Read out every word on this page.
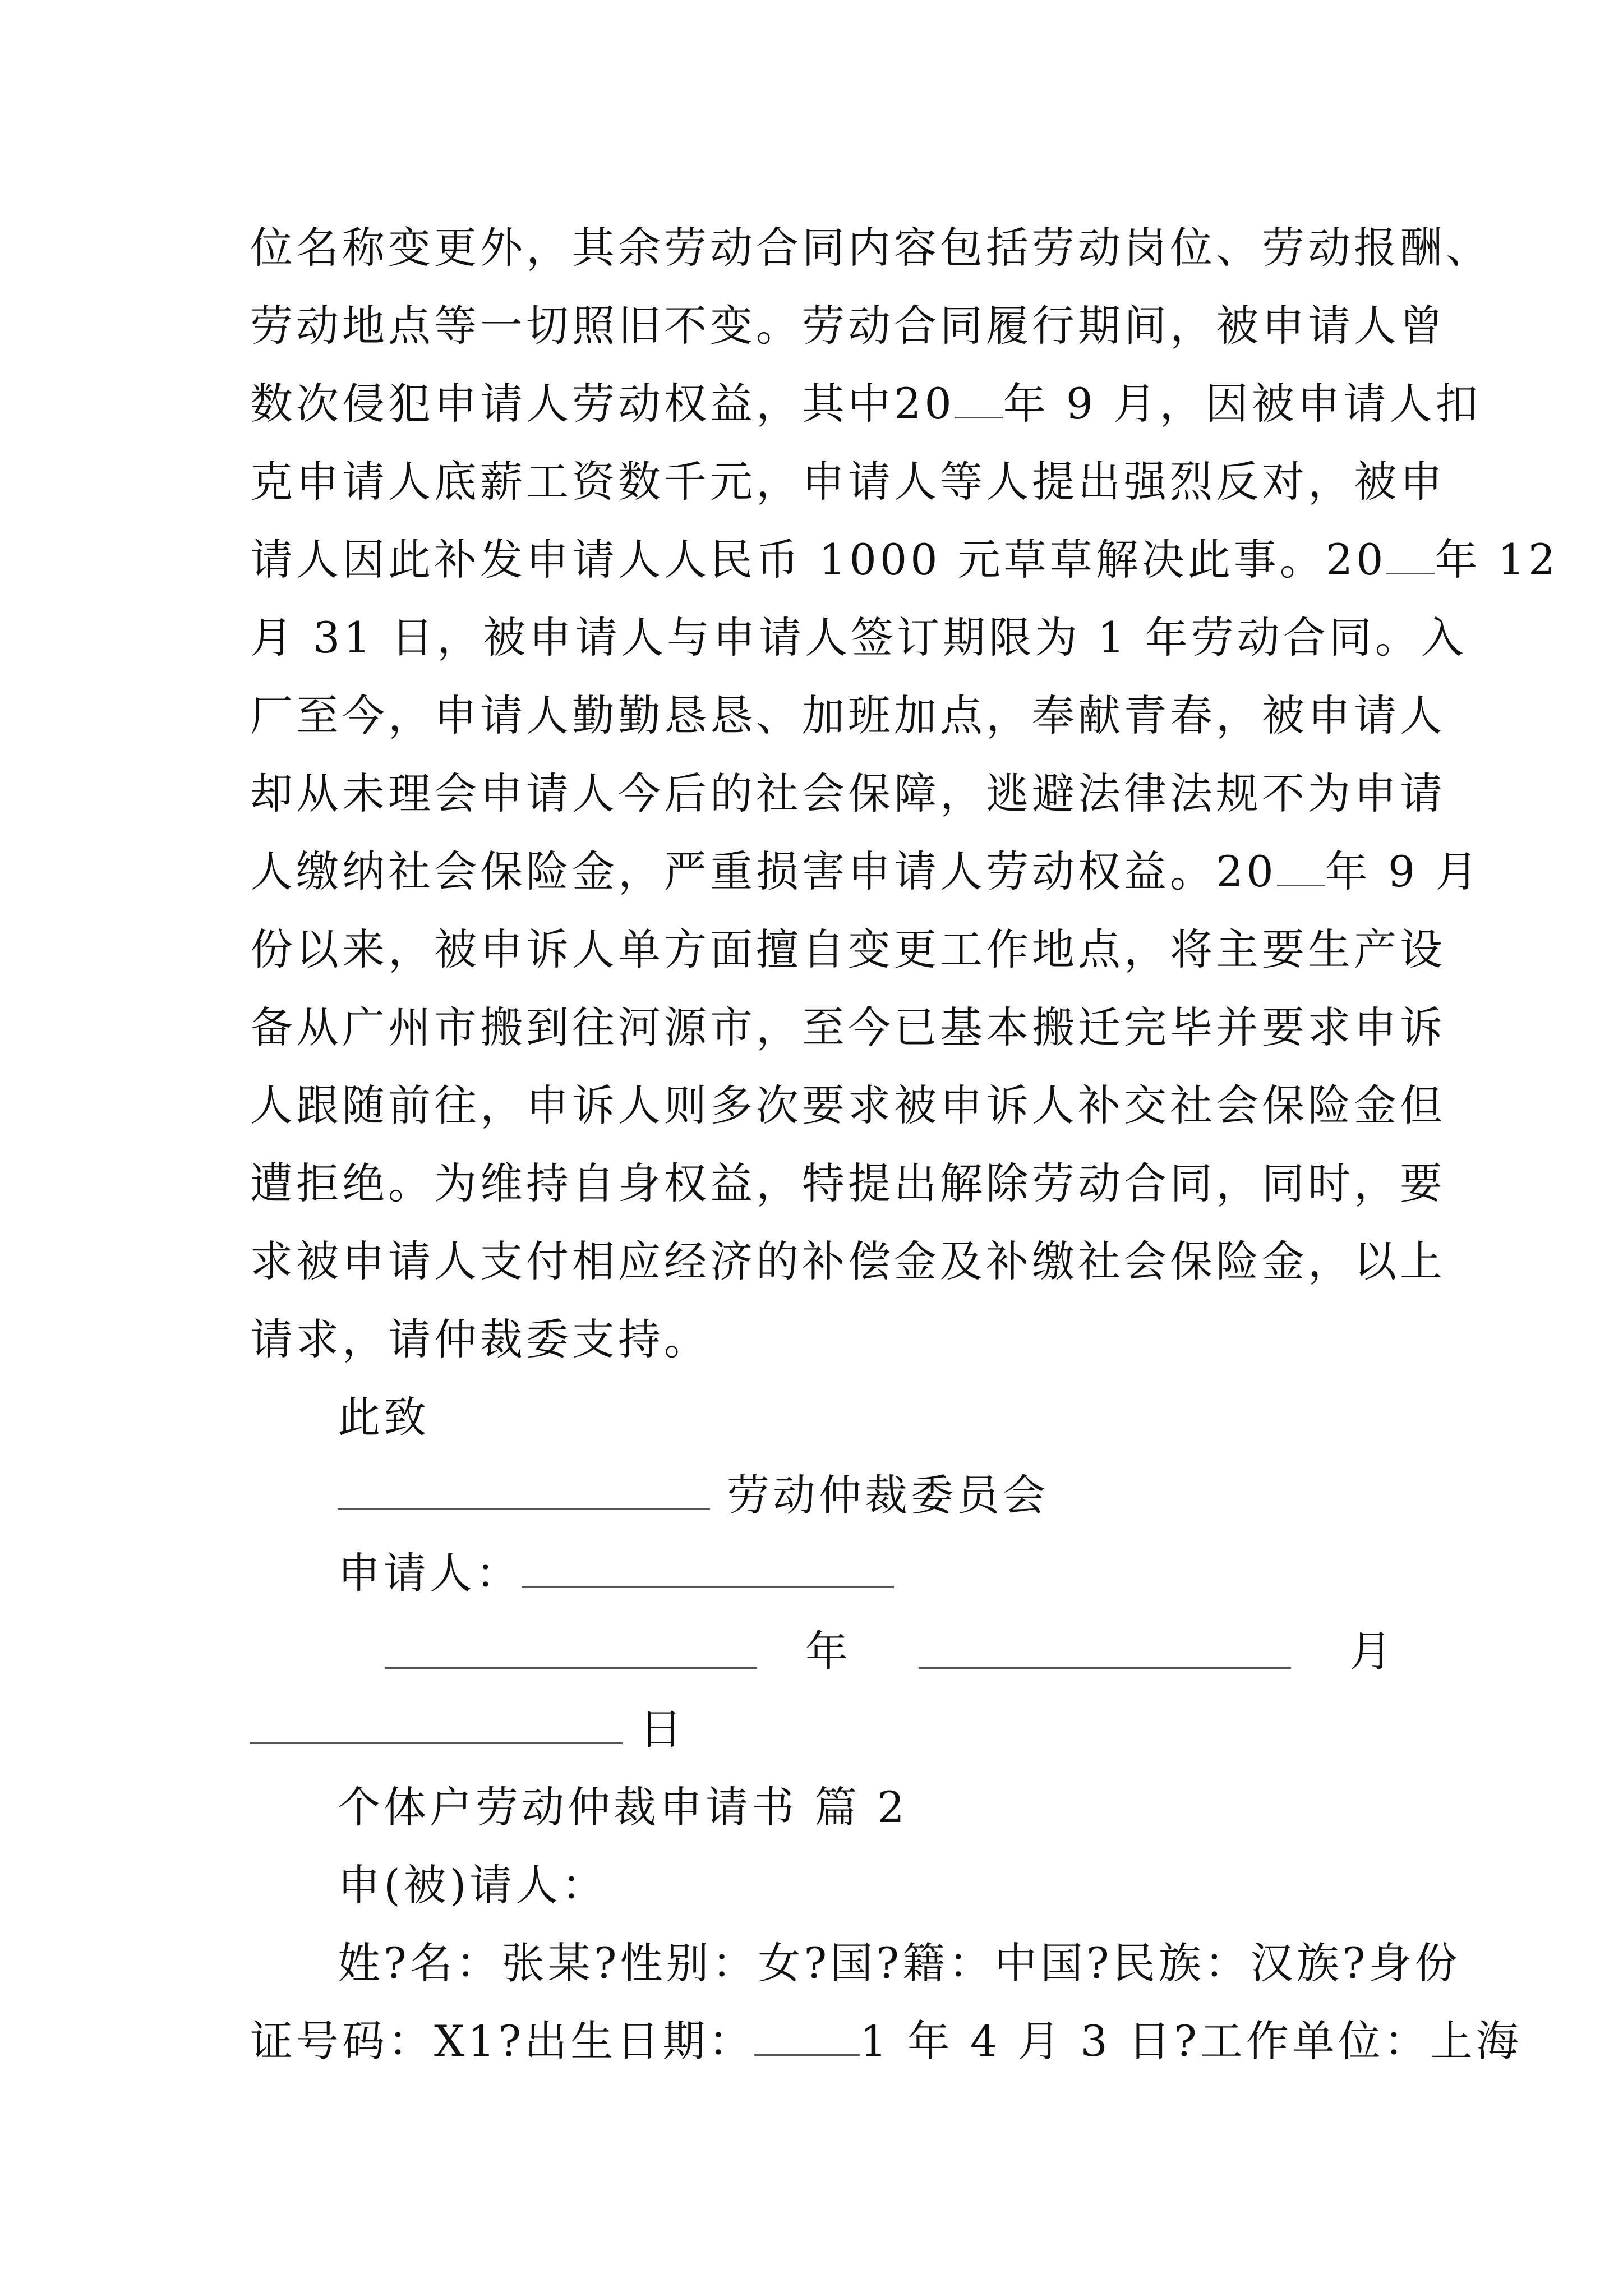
位名称变更外，其余劳动合同内容包括劳动岗位、劳动报酬、
劳动地点等一切照旧不变。劳动合同履行期间，被申请人曾
数次侵犯申请人劳动权益，其中20 年 9 月，因被申请人扣
克申请人底薪工资数千元，申请人等人提出强烈反对，被申
请人因此补发申请人人民币 1000 元草草解决此事。20 年 12
月 31 日，被申请人与申请人签订期限为 1 年劳动合同。入
厂至今，申请人勤勤恳恳、加班加点，奉献青春，被申请人
却从未理会申请人今后的社会保障，逃避法律法规不为申请
人缴纳社会保险金，严重损害申请人劳动权益。20 年 9 月
份以来，被申诉人单方面擅自变更工作地点，将主要生产设
备从广州市搬到往河源市，至今已基本搬迁完毕并要求申诉
人跟随前往，申诉人则多次要求被申诉人补交社会保险金但
遭拒绝。为维持自身权益，特提出解除劳动合同，同时，要
求被申请人支付相应经济的补偿金及补缴社会保险金，以上
请求，请仲裁委支持。
此致
劳动仲裁委员会
申请人：
年	月
日
个体户劳动仲裁申请书 篇 2
申(被)请人：
姓?名：张某?性别：女?国?籍：中国?民族：汉族?身份
证号码：X1?出生日期： 1 年 4 月 3 日?工作单位：上海
